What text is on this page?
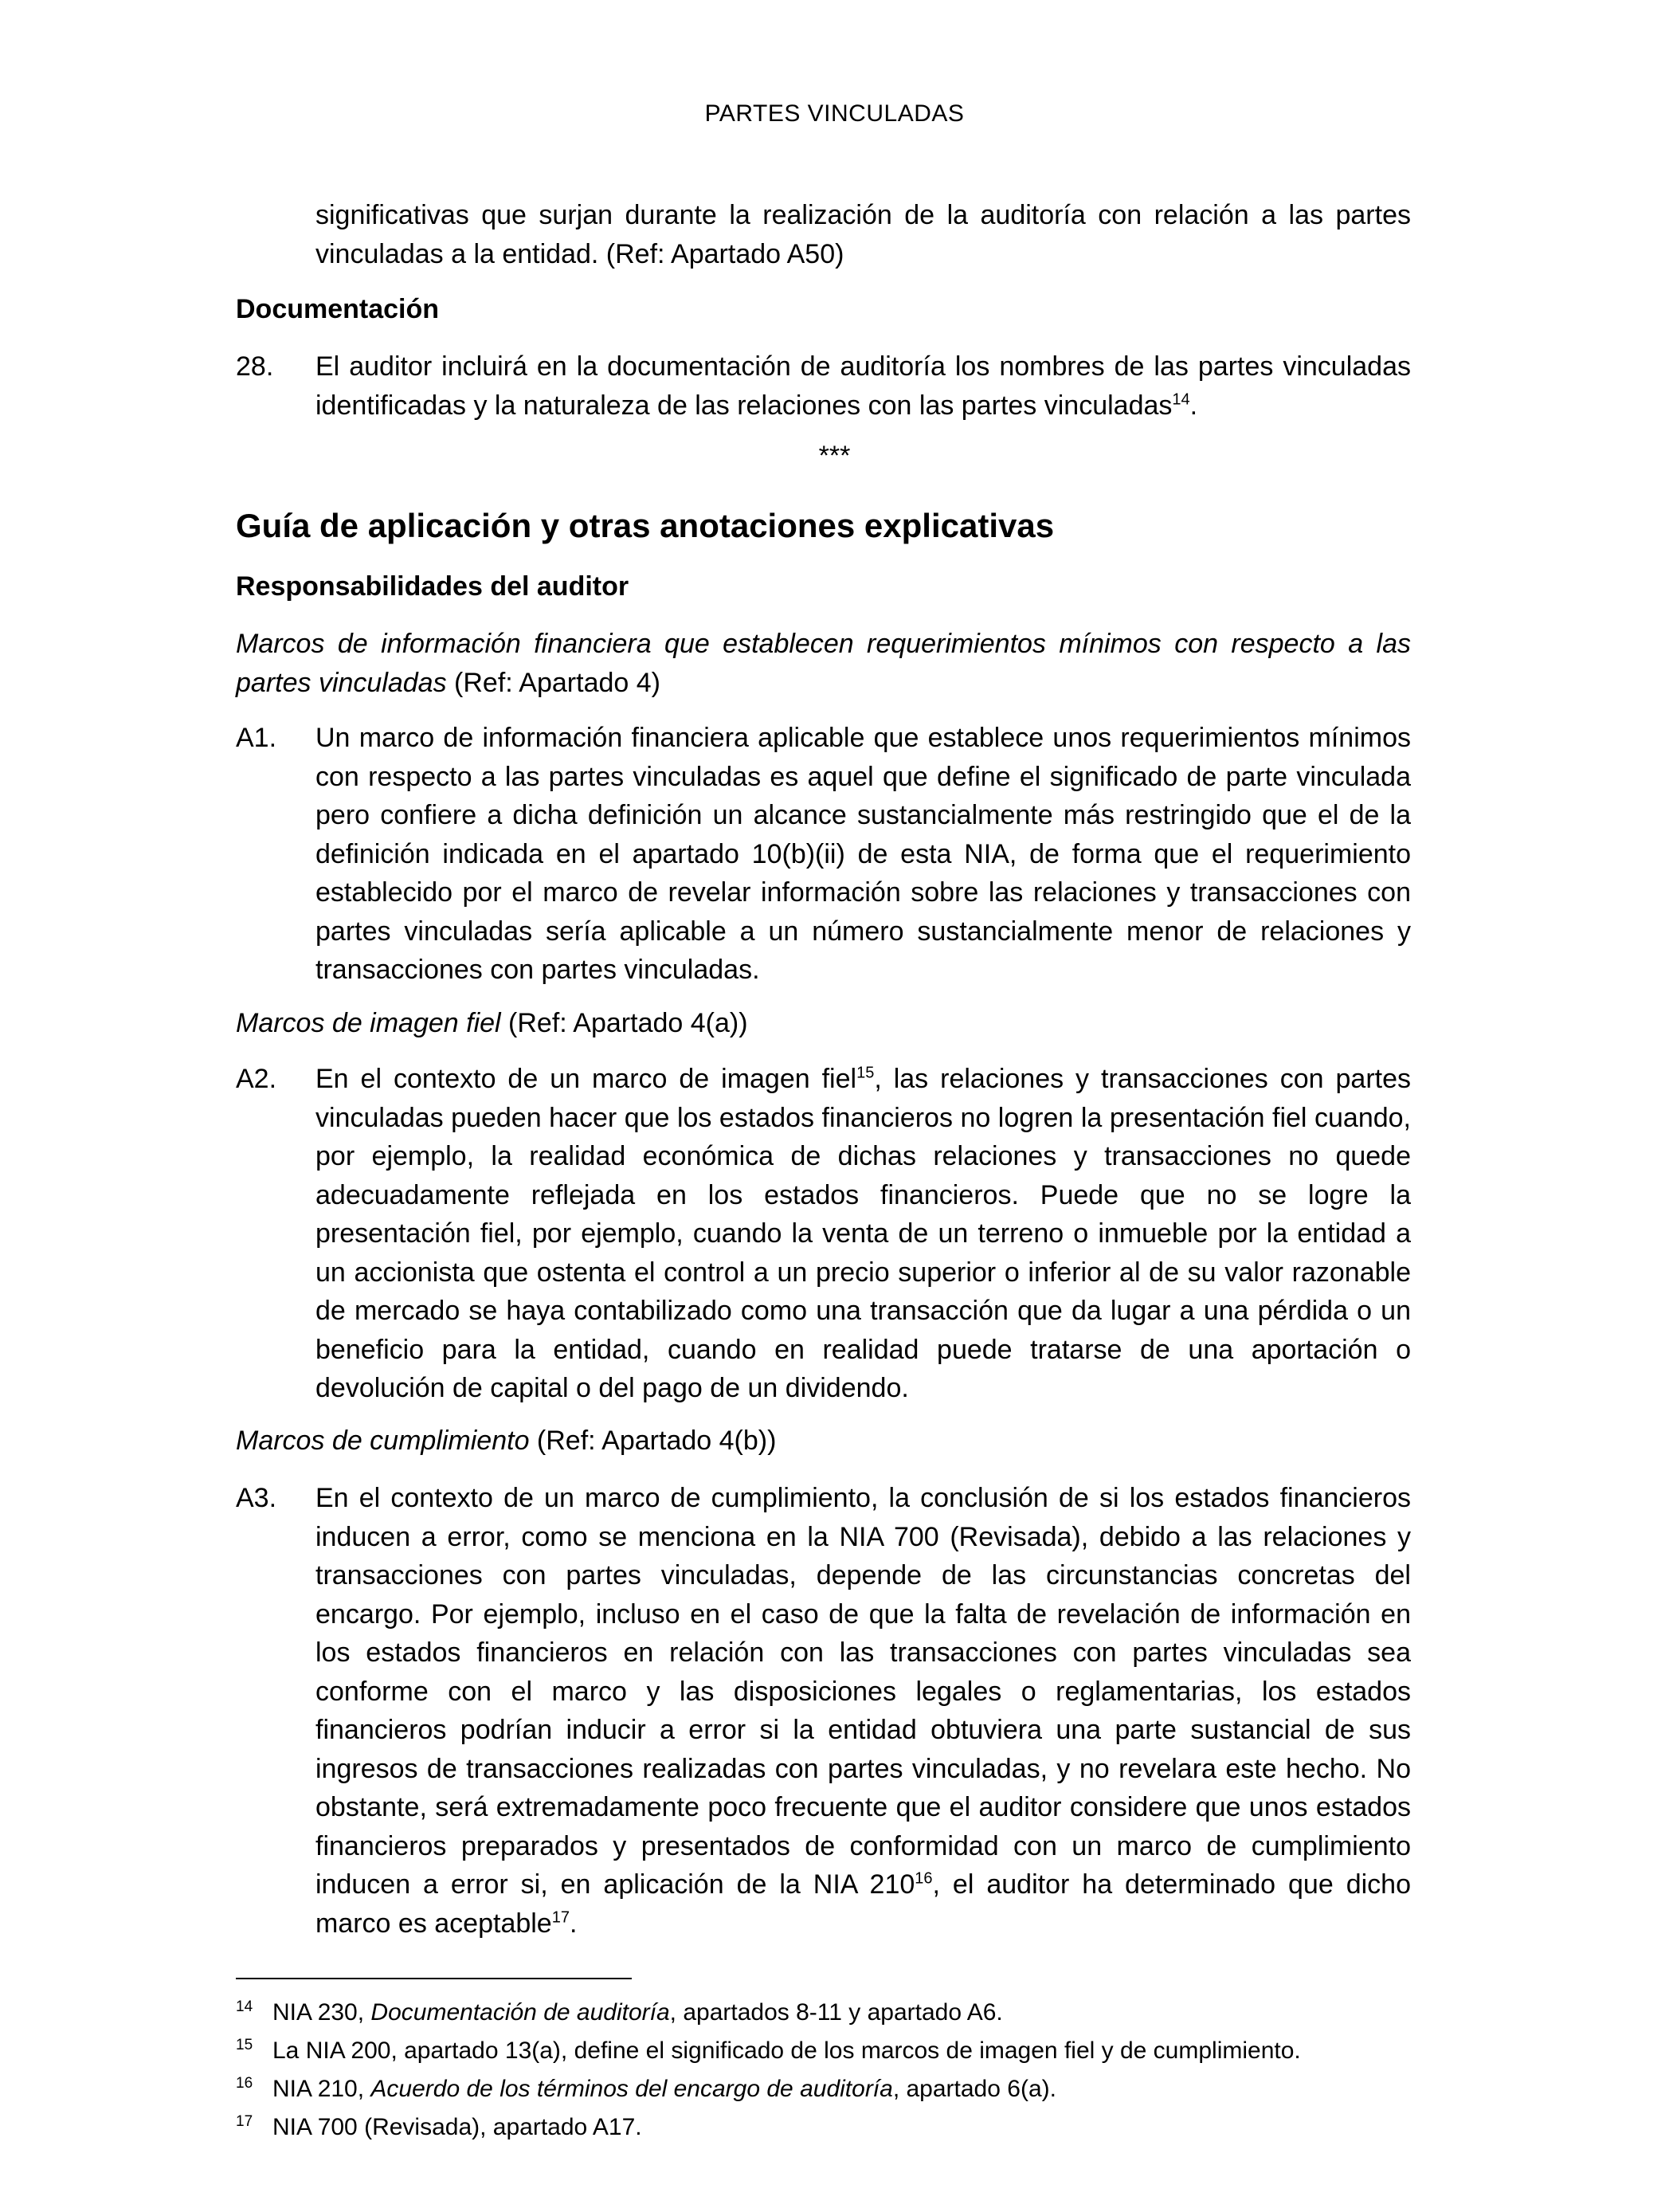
PARTES VINCULADAS
significativas que surjan durante la realización de la auditoría con relación a las partes vinculadas a la entidad. (Ref: Apartado A50)
Documentación
28. El auditor incluirá en la documentación de auditoría los nombres de las partes vinculadas identificadas y la naturaleza de las relaciones con las partes vinculadas$^{14}$.
***
Guía de aplicación y otras anotaciones explicativas
Responsabilidades del auditor
Marcos de información financiera que establecen requerimientos mínimos con respecto a las partes vinculadas (Ref: Apartado 4)
A1. Un marco de información financiera aplicable que establece unos requerimientos mínimos con respecto a las partes vinculadas es aquel que define el significado de parte vinculada pero confiere a dicha definición un alcance sustancialmente más restringido que el de la definición indicada en el apartado 10(b)(ii) de esta NIA, de forma que el requerimiento establecido por el marco de revelar información sobre las relaciones y transacciones con partes vinculadas sería aplicable a un número sustancialmente menor de relaciones y transacciones con partes vinculadas.
Marcos de imagen fiel (Ref: Apartado 4(a))
A2. En el contexto de un marco de imagen fiel$^{15}$, las relaciones y transacciones con partes vinculadas pueden hacer que los estados financieros no logren la presentación fiel cuando, por ejemplo, la realidad económica de dichas relaciones y transacciones no quede adecuadamente reflejada en los estados financieros. Puede que no se logre la presentación fiel, por ejemplo, cuando la venta de un terreno o inmueble por la entidad a un accionista que ostenta el control a un precio superior o inferior al de su valor razonable de mercado se haya contabilizado como una transacción que da lugar a una pérdida o un beneficio para la entidad, cuando en realidad puede tratarse de una aportación o devolución de capital o del pago de un dividendo.
Marcos de cumplimiento (Ref: Apartado 4(b))
A3. En el contexto de un marco de cumplimiento, la conclusión de si los estados financieros inducen a error, como se menciona en la NIA 700 (Revisada), debido a las relaciones y transacciones con partes vinculadas, depende de las circunstancias concretas del encargo. Por ejemplo, incluso en el caso de que la falta de revelación de información en los estados financieros en relación con las transacciones con partes vinculadas sea conforme con el marco y las disposiciones legales o reglamentarias, los estados financieros podrían inducir a error si la entidad obtuviera una parte sustancial de sus ingresos de transacciones realizadas con partes vinculadas, y no revelara este hecho. No obstante, será extremadamente poco frecuente que el auditor considere que unos estados financieros preparados y presentados de conformidad con un marco de cumplimiento inducen a error si, en aplicación de la NIA $210^{16}$, el auditor ha determinado que dicho marco es aceptable$^{17}$.
14 NIA 230, Documentación de auditoría, apartados 8-11 y apartado A6.
15 La NIA 200, apartado 13(a), define el significado de los marcos de imagen fiel y de cumplimiento.
16 NIA 210, Acuerdo de los términos del encargo de auditoría, apartado 6(a).
17 NIA 700 (Revisada), apartado A17.
